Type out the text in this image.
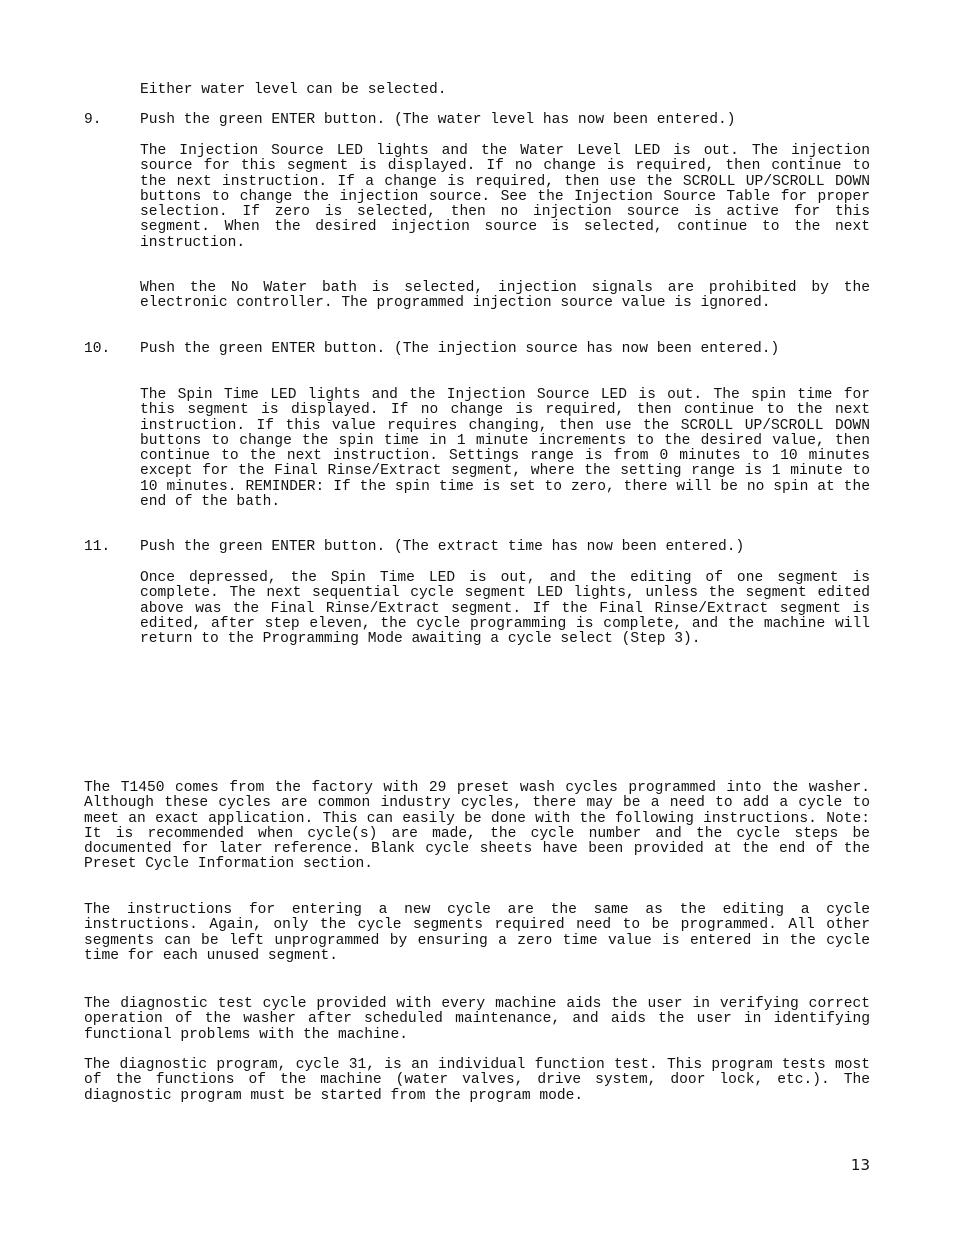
Either water level can be selected.

9.	Push the green ENTER button. (The water level has now been entered.)

The Injection Source LED lights and the Water Level LED is out. The injection source for this segment is displayed. If no change is required, then continue to the next instruction. If a change is required, then use the SCROLL UP/SCROLL DOWN buttons to change the injection source. See the Injection Source Table for proper selection. If zero is selected, then no injection source is active for this segment. When the desired injection source is selected, continue to the next instruction.

When the No Water bath is selected, injection signals are prohibited by the electronic controller. The programmed injection source value is ignored.

10. Push the green ENTER button. (The injection source has now been entered.)

The Spin Time LED lights and the Injection Source LED is out. The spin time for this segment is displayed. If no change is required, then continue to the next instruction. If this value requires changing, then use the SCROLL UP/SCROLL DOWN buttons to change the spin time in 1 minute increments to the desired value, then continue to the next instruction. Settings range is from 0 minutes to 10 minutes except for the Final Rinse/Extract segment, where the setting range is 1 minute to 10 minutes. REMINDER: If the spin time is set to zero, there will be no spin at the end of the bath.

11. Push the green ENTER button. (The extract time has now been entered.)

Once depressed, the Spin Time LED is out, and the editing of one segment is complete. The next sequential cycle segment LED lights, unless the segment edited above was the Final Rinse/Extract segment. If the Final Rinse/Extract segment is edited, after step eleven, the cycle programming is complete, and the machine will return to the Programming Mode awaiting a cycle select (Step 3).

The T1450 comes from the factory with 29 preset wash cycles programmed into the washer. Although these cycles are common industry cycles, there may be a need to add a cycle to meet an exact application. This can easily be done with the following instructions. Note: It is recommended when cycle(s) are made, the cycle number and the cycle steps be documented for later reference. Blank cycle sheets have been provided at the end of the Preset Cycle Information section.

The instructions for entering a new cycle are the same as the editing a cycle instructions. Again, only the cycle segments required need to be programmed. All other segments can be left unprogrammed by ensuring a zero time value is entered in the cycle time for each unused segment.

The diagnostic test cycle provided with every machine aids the user in verifying correct operation of the washer after scheduled maintenance, and aids the user in identifying functional problems with the machine.

The diagnostic program, cycle 31, is an individual function test. This program tests most of the functions of the machine (water valves, drive system, door lock, etc.). The diagnostic program must be started from the program mode.

13
